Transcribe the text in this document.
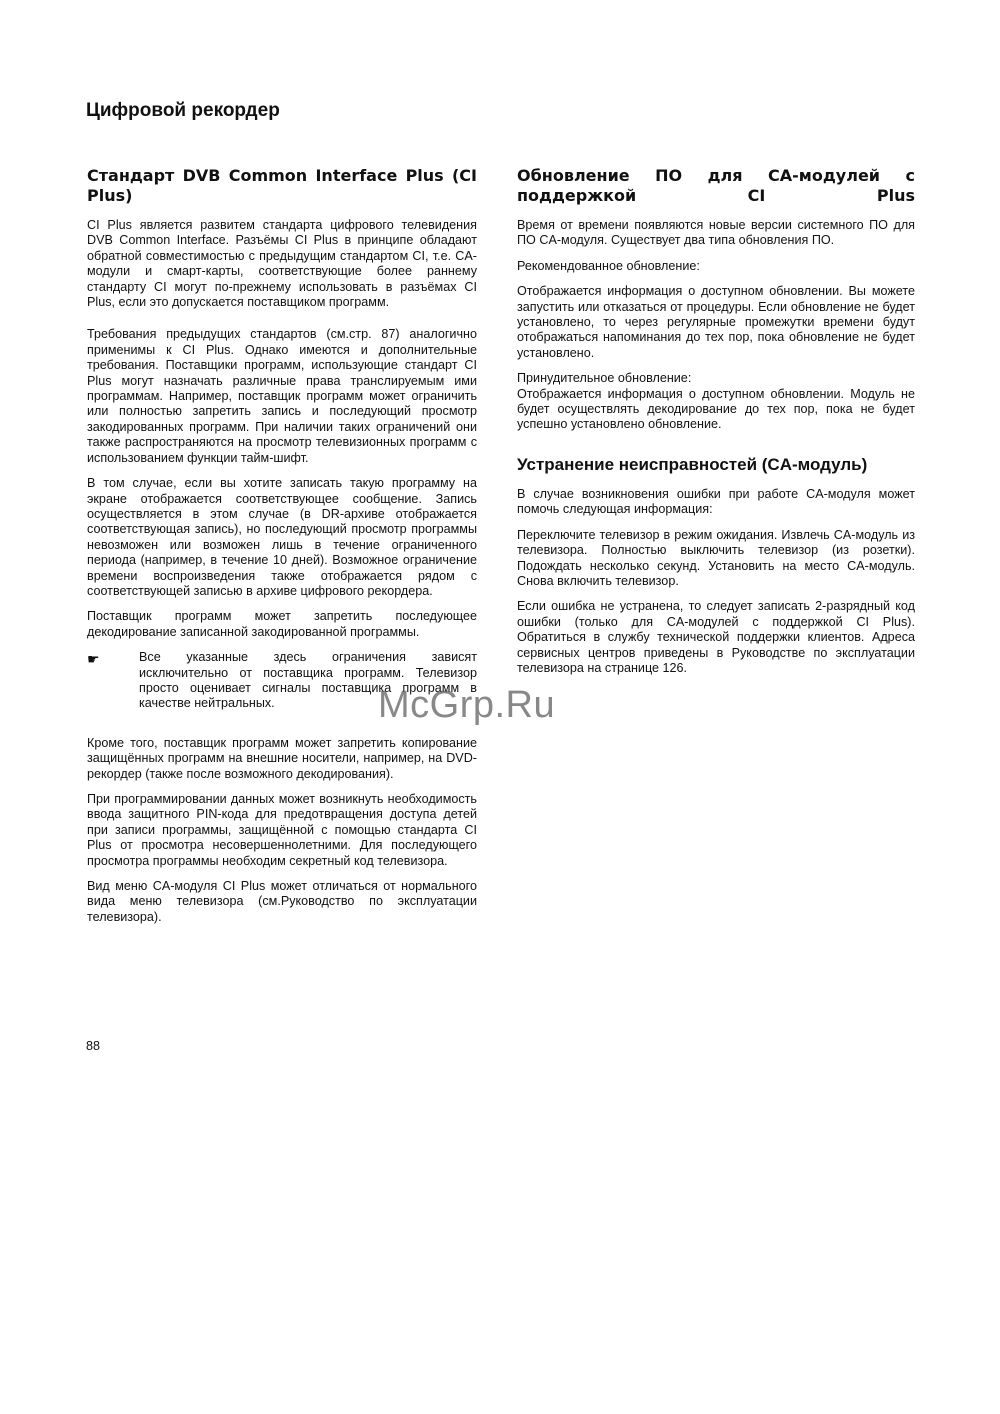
Цифровой рекордер
Стандарт DVB Common Interface Plus (CI Plus)

CI Plus является развитем стандарта цифрового телевидения DVB Common Interface. Разъёмы CI Plus в принципе обладают обратной совместимостью с предыдущим стандартом CI, т.е. CA-модули и смарт-карты, соответствующие более раннему стандарту CI могут по-прежнему использовать в разъёмах CI Plus, если это допускается поставщиком программ.

Требования предыдущих стандартов (см.стр. 87) аналогично применимы к CI Plus. Однако имеются и дополнительные требования. Поставщики программ, использующие стандарт CI Plus могут назначать различные права транслируемым ими программам. Например, поставщик программ может ограничить или полностью запретить запись и последующий просмотр закодированных программ. При наличии таких ограничений они также распространяются на просмотр телевизионных программ с использованием функции тайм-шифт.

В том случае, если вы хотите записать такую программу на экране отображается соответствующее сообщение. Запись осуществляется в этом случае (в DR-архиве отображается соответствующая запись), но последующий просмотр программы невозможен или возможен лишь в течение ограниченного периода (например, в течение 10 дней). Возможное ограничение времени воспроизведения также отображается рядом с соответствующей записью в архиве цифрового рекордера.

Поставщик программ может запретить последующее декодирование записанной закодированной программы.

☛	Все указанные здесь ограничения зависят исключительно от поставщика программ. Телевизор просто оценивает сигналы поставщика программ в качестве нейтральных.

Кроме того, поставщик программ может запретить копирование защищённых программ на внешние носители, например, на DVD-рекордер (также после возможного декодирования).

При программировании данных может возникнуть необходимость ввода защитного PIN-кода для предотвращения доступа детей при записи программы, защищённой с помощью стандарта CI Plus от просмотра несовершеннолетними. Для последующего просмотра программы необходим секретный код телевизора.

Вид меню CA-модуля CI Plus может отличаться от нормального вида меню телевизора (см.Руководство по эксплуатации телевизора).

Обновление ПО для CA-модулей с поддержкой CI Plus

Время от времени появляются новые версии системного ПО для ПО CA-модуля. Существует два типа обновления ПО.

Рекомендованное обновление:

Отображается информация о доступном обновлении. Вы можете запустить или отказаться от процедуры. Если обновление не будет установлено, то через регулярные промежутки времени будут отображаться напоминания до тех пор, пока обновление не будет установлено.

Принудительное обновление:

Отображается информация о доступном обновлении. Модуль не будет осуществлять декодирование до тех пор, пока не будет успешно установлено обновление.

Устранение неисправностей (CA-модуль)

В случае возникновения ошибки при работе CA-модуля может помочь следующая информация:

Переключите телевизор в режим ожидания. Извлечь CA-модуль из телевизора. Полностью выключить телевизор (из розетки). Подождать несколько секунд. Установить на место CA-модуль. Снова включить телевизор.

Если ошибка не устранена, то следует записать 2-разрядный код ошибки (только для CA-модулей с поддержкой CI Plus). Обратиться в службу технической поддержки клиентов. Адреса сервисных центров приведены в Руководстве по эксплуатации телевизора на странице 126.

88
McGrp.Ru
